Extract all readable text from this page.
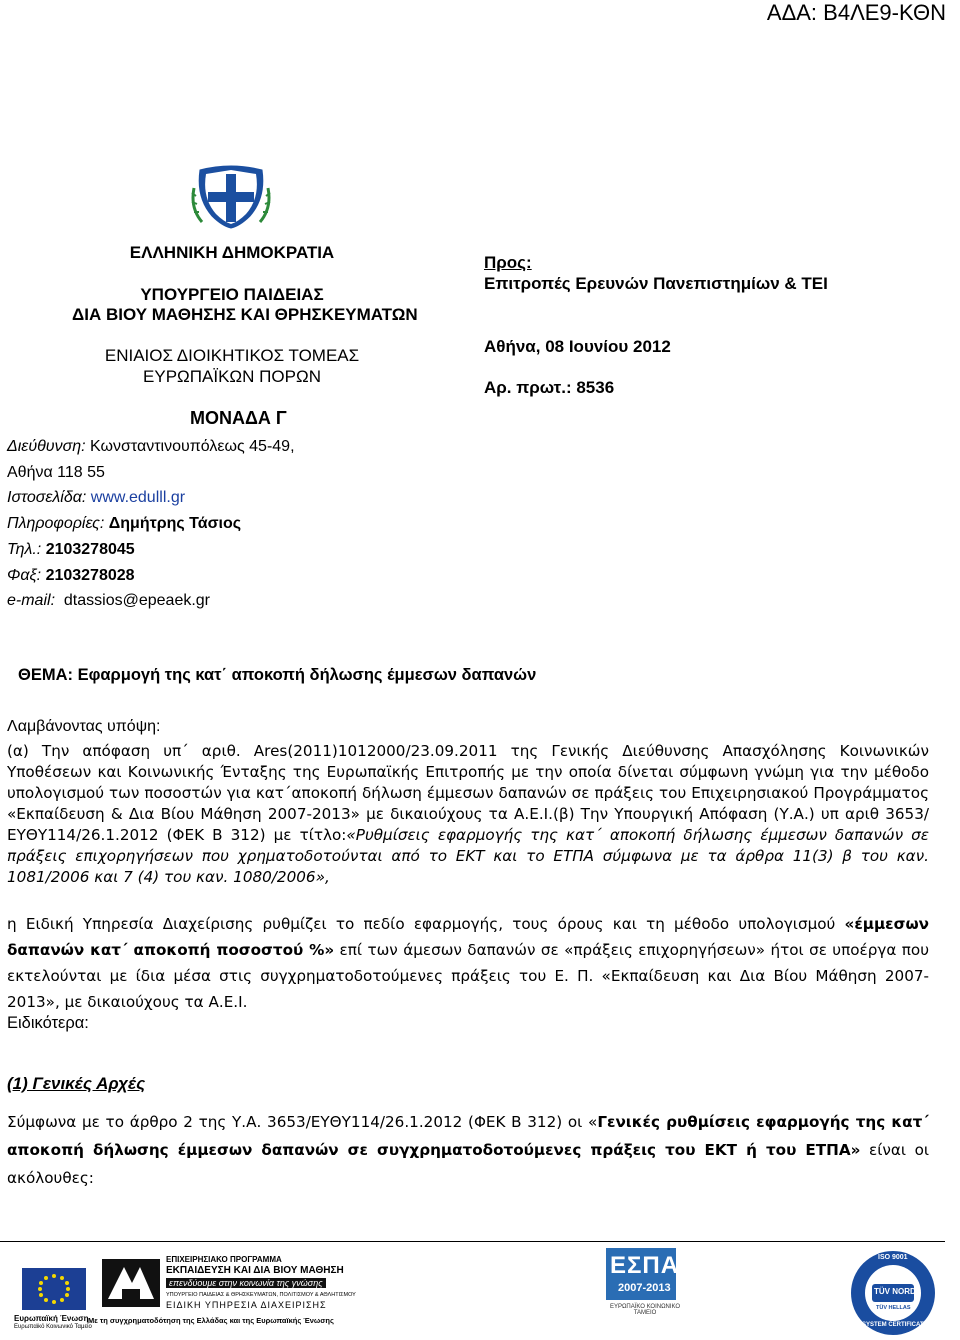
ΑΔΑ: Β4ΛΕ9-ΚΘΝ
ΕΛΛΗΝΙΚΗ ΔΗΜΟΚΡΑΤΙΑ
ΥΠΟΥΡΓΕΙΟ ΠΑΙΔΕΙΑΣ
ΔΙΑ ΒΙΟΥ ΜΑΘΗΣΗΣ ΚΑΙ ΘΡΗΣΚΕΥΜΑΤΩΝ
ΕΝΙΑΙΟΣ ΔΙΟΙΚΗΤΙΚΟΣ ΤΟΜΕΑΣ
ΕΥΡΩΠΑΪΚΩΝ ΠΟΡΩΝ
ΜΟΝΑΔΑ Γ
Διεύθυνση: Κωνσταντινουπόλεως 45-49,
Αθήνα 118 55
Ιστοσελίδα: www.edulll.gr
Πληροφορίες: Δημήτρης Τάσιος
Τηλ.: 2103278045
Φαξ: 2103278028
e-mail: dtassios@epeaek.gr
Προς:
Επιτροπές Ερευνών Πανεπιστημίων & ΤΕΙ
Αθήνα, 08 Ιουνίου 2012
Αρ. πρωτ.: 8536
ΘΕΜΑ: Εφαρμογή της κατ΄ αποκοπή δήλωσης έμμεσων δαπανών
Λαμβάνοντας υπόψη:
(α) Την απόφαση υπ΄ αριθ. Ares(2011)1012000/23.09.2011 της Γενικής Διεύθυνσης Απασχόλησης Κοινωνικών Υποθέσεων και Κοινωνικής Ένταξης της Ευρωπαϊκής Επιτροπής με την οποία δίνεται σύμφωνη γνώμη για την μέθοδο υπολογισμού των ποσοστών για κατ΄αποκοπή δήλωση έμμεσων δαπανών σε πράξεις του Επιχειρησιακού Προγράμματος «Εκπαίδευση & Δια Βίου Μάθηση 2007-2013» με δικαιούχους τα Α.Ε.Ι.(β) Την Υπουργική Απόφαση (Υ.Α.) υπ αριθ 3653/ΕΥΘΥ114/26.1.2012 (ΦΕΚ Β 312) με τίτλο:«Ρυθμίσεις εφαρμογής της κατ΄ αποκοπή δήλωσης έμμεσων δαπανών σε πράξεις επιχορηγήσεων που χρηματοδοτούνται από το ΕΚΤ και το ΕΤΠΑ σύμφωνα με τα άρθρα 11(3) β του καν. 1081/2006 και 7 (4) του καν. 1080/2006»,
η Ειδική Υπηρεσία Διαχείρισης ρυθμίζει το πεδίο εφαρμογής, τους όρους και τη μέθοδο υπολογισμού «έμμεσων δαπανών κατ΄ αποκοπή ποσοστού %» επί των άμεσων δαπανών σε «πράξεις επιχορηγήσεων» ήτοι σε υποέργα που εκτελούνται με ίδια μέσα στις συγχρηματοδοτούμενες πράξεις του Ε. Π. «Εκπαίδευση και Δια Βίου Μάθηση 2007-2013», με δικαιούχους τα Α.Ε.Ι.
Ειδικότερα:
(1) Γενικές Αρχές
Σύμφωνα με το άρθρο 2 της Υ.Α. 3653/ΕΥΘΥ114/26.1.2012 (ΦΕΚ Β 312) οι «Γενικές ρυθμίσεις εφαρμογής της κατ΄ αποκοπή δήλωσης έμμεσων δαπανών σε συγχρηματοδοτούμενες πράξεις του ΕΚΤ ή του ΕΤΠΑ» είναι οι ακόλουθες:
Ευρωπαϊκή Ένωση
Ευρωπαϊκό Κοινωνικό Ταμείο
ΕΠΙΧΕΙΡΗΣΙΑΚΟ ΠΡΟΓΡΑΜΜΑ
ΕΚΠΑΙΔΕΥΣΗ ΚΑΙ ΔΙΑ ΒΙΟΥ ΜΑΘΗΣΗ
επενδύουμε στην κοινωνία της γνώσης
ΥΠΟΥΡΓΕΙΟ ΠΑΙΔΕΙΑΣ & ΘΡΗΣΚΕΥΜΑΤΩΝ, ΠΟΛΙΤΙΣΜΟΥ & ΑΘΛΗΤΙΣΜΟΥ
ΕΙΔΙΚΗ ΥΠΗΡΕΣΙΑ ΔΙΑΧΕΙΡΙΣΗΣ
Με τη συγχρηματοδότηση της Ελλάδας και της Ευρωπαϊκής Ένωσης
ΕΣΠΑ
2007-2013
ΕΥΡΩΠΑΪΚΟ ΚΟΙΝΩΝΙΚΟ ΤΑΜΕΙΟ
ISO 9001
TÜV NORD
TÜV HELLAS
SYSTEM CERTIFICATION
